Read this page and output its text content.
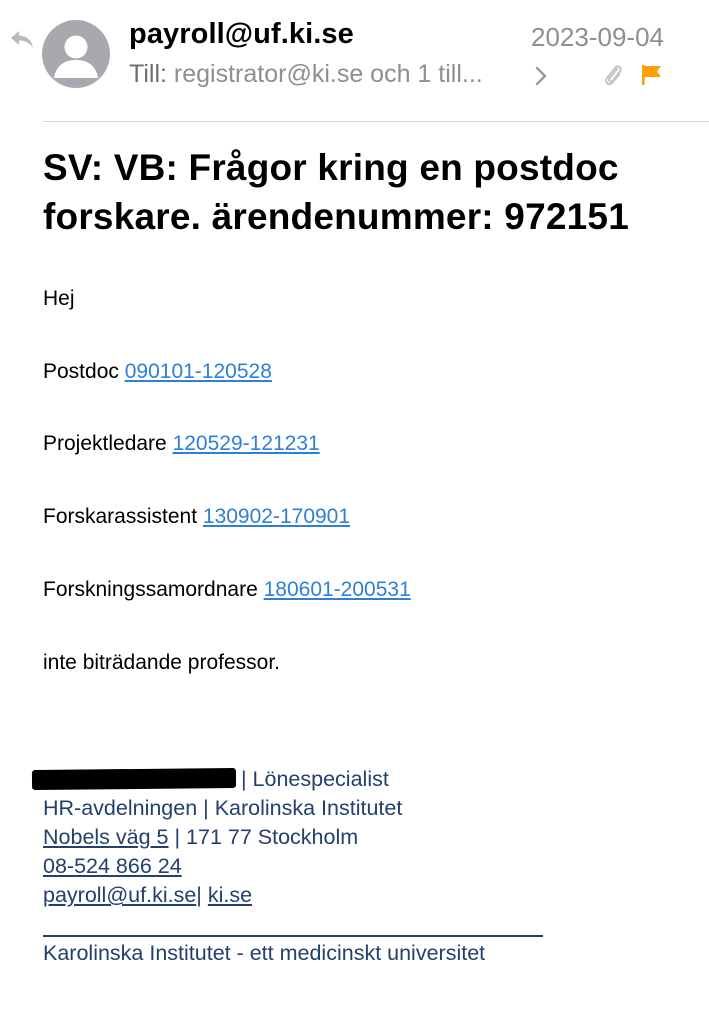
payroll@uf.ki.se	2023-09-04
Till: registrator@ki.se och 1 till...
SV: VB: Frågor kring en postdoc forskare. ärendenummer: 972151
Hej
Postdoc 090101-120528
Projektledare 120529-121231
Forskarassistent 130902-170901
Forskningssamordnare 180601-200531
inte biträdande professor.
| Lönespecialist
HR-avdelningen | Karolinska Institutet
Nobels väg 5 | 171 77 Stockholm
08-524 866 24
payroll@uf.ki.se| ki.se
Karolinska Institutet - ett medicinskt universitet
